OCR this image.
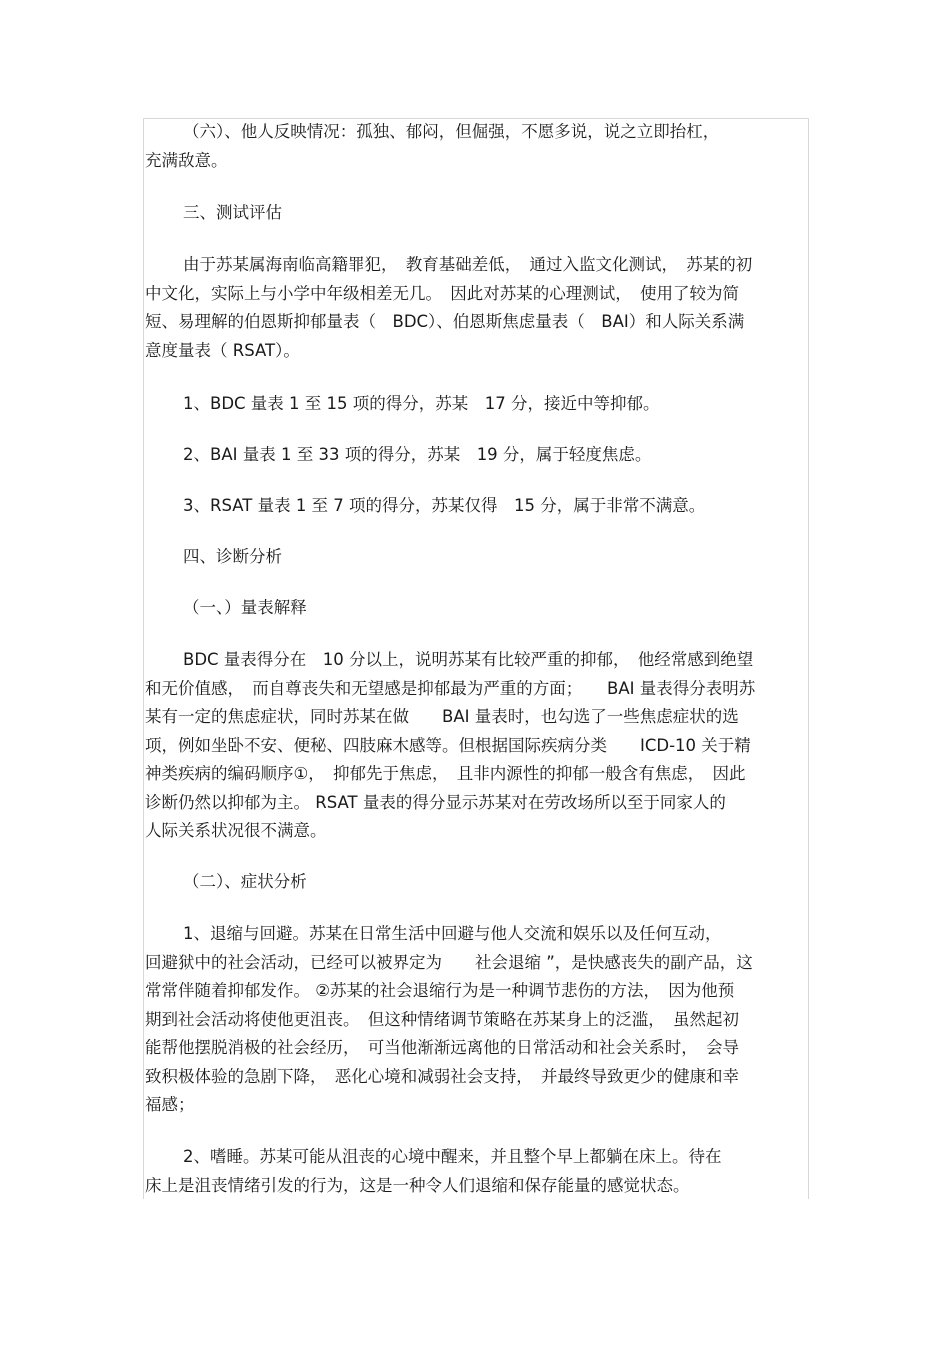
（六）、他人反映情况：孤独、郁闷，但倔强，不愿多说，说之立即抬杠，
充满敌意。
三、测试评估
由于苏某属海南临高籍罪犯，　教育基础差低，　通过入监文化测试，　苏某的初
中文化，实际上与小学中年级相差无几。　因此对苏某的心理测试，　使用了较为简
短、易理解的伯恩斯抑郁量表（　BDC）、伯恩斯焦虑量表（　BAI）和人际关系满
意度量表（ RSAT）。
1、BDC 量表 1 至 15 项的得分，苏某　17 分，接近中等抑郁。
2、BAI 量表 1 至 33 项的得分，苏某　19 分，属于轻度焦虑。
3、RSAT 量表 1 至 7 项的得分，苏某仅得　15 分，属于非常不满意。
四、诊断分析
（一、）量表解释
BDC 量表得分在　10 分以上，说明苏某有比较严重的抑郁，　他经常感到绝望
和无价值感，　而自尊丧失和无望感是抑郁最为严重的方面；　　BAI 量表得分表明苏
某有一定的焦虑症状，同时苏某在做　　BAI 量表时，也勾选了一些焦虑症状的选
项，例如坐卧不安、便秘、四肢麻木感等。但根据国际疾病分类　　ICD-10 关于精
神类疾病的编码顺序①，　抑郁先于焦虑，　且非内源性的抑郁一般含有焦虑，　因此
诊断仍然以抑郁为主。 RSAT 量表的得分显示苏某对在劳改场所以至于同家人的
人际关系状况很不满意。
（二）、症状分析
1、退缩与回避。苏某在日常生活中回避与他人交流和娱乐以及任何互动，
回避狱中的社会活动，已经可以被界定为　　社会退缩 ”，是快感丧失的副产品，这
常常伴随着抑郁发作。 ②苏某的社会退缩行为是一种调节悲伤的方法，　因为他预
期到社会活动将使他更沮丧。　但这种情绪调节策略在苏某身上的泛滥，　虽然起初
能帮他摆脱消极的社会经历，　可当他渐渐远离他的日常活动和社会关系时，　会导
致积极体验的急剧下降，　恶化心境和减弱社会支持，　并最终导致更少的健康和幸
福感；
2、嗜睡。苏某可能从沮丧的心境中醒来，并且整个早上都躺在床上。待在
床上是沮丧情绪引发的行为，这是一种令人们退缩和保存能量的感觉状态。
